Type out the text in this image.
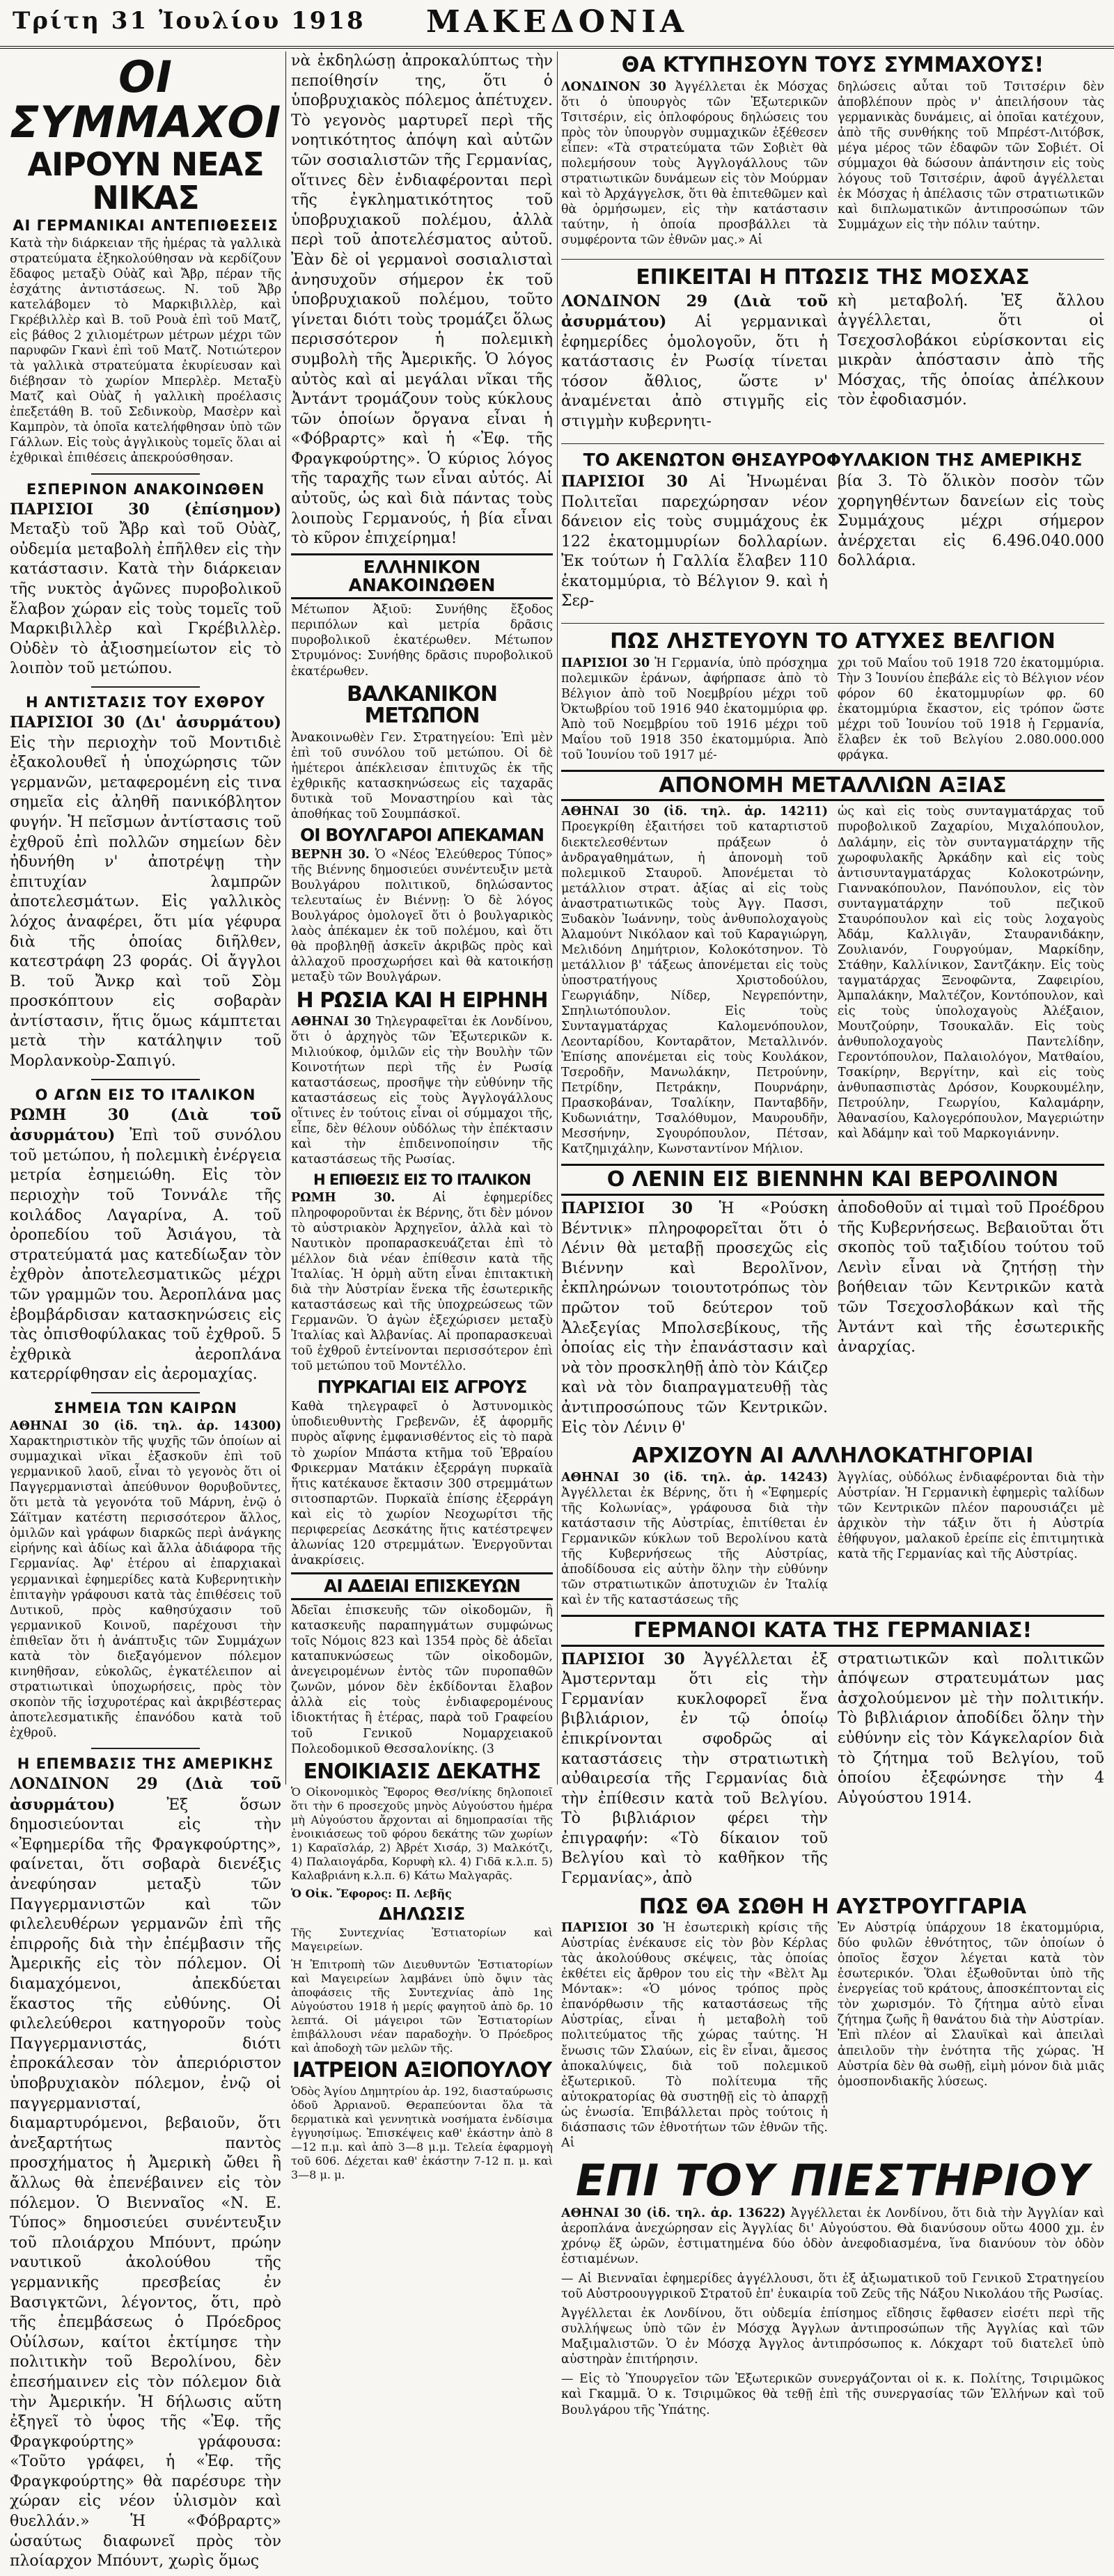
Τρίτη 31 Ἰουλίου 1918	ΜΑΚΕΔΟΝΙΑ
ΟΙ ΣΥΜΜΑΧΟΙ
ΑΙΡΟΥΝ ΝΕΑΣ ΝΙΚΑΣ
ΑΙ ΓΕΡΜΑΝΙΚΑΙ ΑΝΤΕΠΙΘΕΣΕΙΣ

Κατὰ τὴν διάρκειαν τῆς ἡμέρας τὰ γαλλικὰ στρατεύματα ἐξηκολούθησαν νὰ κερδίζουν ἔδαφος μεταξὺ Οὐὰζ καὶ Ἄβρ, πέραν τῆς ἐσχάτης ἀντιστάσεως. Ν. τοῦ Ἄβρ κατελάβομεν τὸ Μαρκιβιλλὲρ, καὶ Γκρέβιλλὲρ καὶ Β. τοῦ Ρουὰ ἐπὶ τοῦ Ματζ, εἰς βάθος 2 χιλιομέτρων μέτρων μέχρι τῶν παρυφῶν Γκανὶ ἐπὶ τοῦ Ματζ. Νοτιώτερον τὰ γαλλικὰ στρατεύματα ἐκυρίευσαν καὶ διέβησαν τὸ χωρίον Μπερλὲρ. Μεταξὺ Ματζ καὶ Οὐὰζ ἡ γαλλικὴ προέλασις ἐπεξετάθη Β. τοῦ Σεδινκοὺρ, Μασὲρν καὶ Καμπρὸν, τὰ ὁποῖα κατελήφθησαν ὑπὸ τῶν Γάλλων. Εἰς τοὺς ἀγγλικοὺς τομεῖς ὅλαι αἱ ἐχθρικαὶ ἐπιθέσεις ἀπεκρούσθησαν.

ΕΣΠΕΡΙΝΟΝ ΑΝΑΚΟΙΝΩΘΕΝ

ΠΑΡΙΣΙΟΙ 30 (ἐπίσημον) Μεταξὺ τοῦ Ἄβρ καὶ τοῦ Οὐὰζ, οὐδεμία μεταβολὴ ἐπῆλθεν εἰς τὴν κατάστασιν. Κατὰ τὴν διάρκειαν τῆς νυκτὸς ἀγῶνες πυροβολικοῦ ἔλαβον χώραν εἰς τοὺς τομεῖς τοῦ Μαρκιβιλλὲρ καὶ Γκρέβιλλὲρ. Οὐδὲν τὸ ἀξιοσημείωτον εἰς τὸ λοιπὸν τοῦ μετώπου.

Η ΑΝΤΙΣΤΑΣΙΣ ΤΟΥ ΕΧΘΡΟΥ

ΠΑΡΙΣΙΟΙ 30 (Δι' ἀσυρμάτου) Εἰς τὴν περιοχὴν τοῦ Μοντιδιὲ ἐξακολουθεῖ ἡ ὑποχώρησις τῶν γερμανῶν, μεταφερομένη εἰς τινα σημεῖα εἰς ἀληθῆ πανικόβλητον φυγήν. Ἡ πεῖσμων ἀντίστασις τοῦ ἐχθροῦ ἐπὶ πολλῶν σημείων δὲν ἠδυνήθη ν' ἀποτρέψῃ τὴν ἐπιτυχίαν λαμπρῶν ἀποτελεσμάτων. Εἰς γαλλικὸς λόχος ἀναφέρει, ὅτι μία γέφυρα διὰ τῆς ὁποίας διῆλθεν, κατεστράφη 23 φοράς. Οἱ ἄγγλοι Β. τοῦ Ἄνκρ καὶ τοῦ Σὸμ προσκόπτουν εἰς σοβαρὰν ἀντίστασιν, ἥτις ὅμως κάμπτεται μετὰ τὴν κατάληψιν τοῦ Μορλανκοὺρ-Σαπιγύ.

Ο ΑΓΩΝ ΕΙΣ ΤΟ ΙΤΑΛΙΚΟΝ

ΡΩΜΗ 30 (Διὰ τοῦ ἀσυρμάτου) Ἐπὶ τοῦ συνόλου τοῦ μετώπου, ἡ πολεμικὴ ἐνέργεια μετρία ἐσημειώθη. Εἰς τὸν περιοχὴν τοῦ Τοννάλε τῆς κοιλάδος Λαγαρίνα, Α. τοῦ ὀροπεδίου τοῦ Ἀσιάγου, τὰ στρατεύματά μας κατεδίωξαν τὸν ἐχθρὸν ἀποτελεσματικῶς μέχρι τῶν γραμμῶν του. Ἀεροπλάνα μας ἐβομβάρδισαν κατασκηνώσεις εἰς τὰς ὀπισθοφύλακας τοῦ ἐχθροῦ. 5 ἐχθρικὰ ἀεροπλάνα κατερρίφθησαν εἰς ἀερομαχίας.

ΣΗΜΕΙΑ ΤΩΝ ΚΑΙΡΩΝ

ΑΘΗΝΑΙ 30 (ἰδ. τηλ. ἀρ. 14300) Χαρακτηριστικὸν τῆς ψυχῆς τῶν ὁποίων αἱ συμμαχικαὶ νῖκαι ἐξασκοῦν ἐπὶ τοῦ γερμανικοῦ λαοῦ, εἶναι τὸ γεγονὸς ὅτι οἱ Παγγερμανισταὶ ἀπεύθυνον θορυβοῦντες, ὅτι μετὰ τὰ γεγονότα τοῦ Μάρνη, ἐνῷ ὁ Σάϊτμαν κατέστη περισσότερον ἄλλος, ὁμιλῶν καὶ γράφων διαρκῶς περὶ ἀνάγκης εἰρήνης καὶ ἀδίως καὶ ἄλλα ἀδιάφορα τῆς Γερμανίας. Ἀφ' ἑτέρου αἱ ἐπαρχιακαὶ γερμανικαὶ ἐφημερίδες κατὰ Κυβερνητικὴν ἐπιταγὴν γράφουσι κατὰ τὰς ἐπιθέσεις τοῦ Δυτικοῦ, πρὸς καθησύχασιν τοῦ γερμανικοῦ Κοινοῦ, παρέχουσι τὴν ἐπιθεῖαν ὅτι ἡ ἀνάπτυξις τῶν Συμμάχων κατὰ τὸν διεξαγόμενον πόλεμον κινηθῆσαν, εὐκολῶς, ἐγκατέλειπον αἱ στρατιωτικαὶ ὑποχωρήσεις, πρὸς τὸν σκοπὸν τῆς ἰσχυροτέρας καὶ ἀκριβέστερας ἀποτελεσματικῆς ἐπανόδου κατὰ τοῦ ἐχθροῦ.

Η ΕΠΕΜΒΑΣΙΣ ΤΗΣ ΑΜΕΡΙΚΗΣ

ΛΟΝΔΙΝΟΝ 29 (Διὰ τοῦ ἀσυρμάτου)	Ἐξ ὅσων δημοσιεύονται εἰς τὴν «Ἐφημερίδα τῆς Φραγκφούρτης», φαίνεται, ὅτι σοβαρὰ διενέξις ἀνεφύησαν μεταξὺ τῶν Παγγερμανιστῶν καὶ τῶν φιλελευθέρων γερμανῶν ἐπὶ τῆς ἐπιρροῆς διὰ τὴν ἐπέμβασιν τῆς Ἀμερικῆς εἰς τὸν πόλεμον. Οἱ διαμαχόμενοι, ἀπεκδύεται ἕκαστος τῆς εὐθύνης. Οἱ φιλελεύθεροι κατηγοροῦν τοὺς Παγγερμανιστάς, διότι ἐπροκάλεσαν τὸν ἀπεριόριστον ὑποβρυχιακὸν πόλεμον, ἐνῷ οἱ παγγερμανισταί, διαμαρτυρόμενοι, βεβαιοῦν, ὅτι ἀνεξαρτήτως παντὸς προσχήματος ἡ Ἀμερικὴ ὤθει ἢ ἄλλως θὰ ἐπενέβαινεν εἰς τὸν πόλεμον. Ὁ Βιενναῖος «Ν. Ε. Τύπος» δημοσιεύει συνέντευξιν τοῦ πλοιάρχου Μπόυντ, πρώην ναυτικοῦ ἀκολούθου τῆς γερμανικῆς πρεσβείας ἐν Βασιγκτῶνι, λέγοντος, ὅτι, πρὸ τῆς ἐπεμβάσεως ὁ Πρόεδρος Οὐίλσων, καίτοι ἐκτίμησε τὴν πολιτικὴν τοῦ Βερολίνου, δὲν ἐπεσήμαινεν εἰς τὸν πόλεμον διὰ τὴν Ἀμερικήν. Ἡ δήλωσις αὕτη ἐξηγεῖ τὸ ὑφος τῆς «Ἐφ. τῆς Φραγκφούρτης» γράφουσα: «Τοῦτο γράφει, ἡ «Ἐφ. τῆς Φραγκφούρτης» θὰ παρέσυρε τὴν χώραν εἰς νέον ὑλισμὸν καὶ θυελλάν.» Ἡ «Φόβραρτς» ὡσαύτως διαφωνεῖ πρὸς τὸν πλοίαρχον Μπόυντ, χωρὶς ὅμως

νὰ ἐκδηλώσῃ ἀπροκαλύπτως τὴν πεποίθησίν της, ὅτι ὁ ὑποβρυχιακὸς πόλεμος ἀπέτυχεν. Τὸ γεγονὸς μαρτυρεῖ περὶ τῆς νοητικότητος ἀπόψη καὶ αὐτῶν τῶν σοσιαλιστῶν τῆς Γερμανίας, οἵτινες δὲν ἐνδιαφέρονται περὶ τῆς ἐγκληματικότητος τοῦ ὑποβρυχιακοῦ πολέμου, ἀλλὰ περὶ τοῦ ἀποτελέσματος αὐτοῦ. Ἐὰν δὲ οἱ γερμανοὶ σοσιαλισταὶ ἀνησυχοῦν σήμερον ἐκ τοῦ ὑποβρυχιακοῦ πολέμου, τοῦτο γίνεται διότι τοὺς τρομάζει ὅλως περισσότερον ἡ πολεμικὴ συμβολὴ τῆς Ἀμερικῆς. Ὁ λόγος αὐτὸς καὶ αἱ μεγάλαι νῖκαι τῆς Ἀντάντ τρομάζουν τοὺς κύκλους τῶν ὁποίων ὄργανα εἶναι ἡ «Φόβραρτς» καὶ ἡ «Ἐφ. τῆς Φραγκφούρτης». Ὁ κύριος λόγος τῆς ταραχῆς των εἶναι αὐτός. Αἱ αὐτοῦς, ὡς καὶ διὰ πάντας τοὺς λοιποὺς Γερμανούς, ἡ βία εἶναι τὸ κῦρον ἐπιχείρημα!

ΕΛΛΗΝΙΚΟΝ ΑΝΑΚΟΙΝΩΘΕΝ

Μέτωπον Ἀξιοῦ: Συνήθης ἔξοδος περιπόλων καὶ μετρία δρᾶσις πυροβολικοῦ ἑκατέρωθεν. Μέτωπον Στρυμόνος: Συνήθης δρᾶσις πυροβολικοῦ ἑκατέρωθεν.

ΒΑΛΚΑΝΙΚΟΝ ΜΕΤΩΠΟΝ

Ἀνακοινωθὲν Γεν. Στρατηγείου: Ἐπὶ μὲν ἐπὶ τοῦ συνόλου τοῦ μετώπου. Οἱ δὲ ἡμέτεροι ἀπέκλεισαν ἐπιτυχῶς ἐκ τῆς ἐχθρικῆς κατασκηνώσεως εἰς ταχαρᾶς δυτικὰ τοῦ Μοναστηρίου καὶ τὰς ἀποθήκας τοῦ Σουμπάσκοϊ.

ΟΙ ΒΟΥΛΓΑΡΟΙ ΑΠΕΚΑΜΑΝ

ΒΕΡΝΗ 30. Ὁ «Νέος Ἐλεύθερος Τύπος» τῆς Βιέννης δημοσιεύει συνέντευξιν μετὰ Βουλγάρου πολιτικοῦ, δηλώσαντος τελευταίως ἐν Βιέννῃ: Ὁ δὲ λόγος Βουλγάρος ὁμολογεῖ ὅτι ὁ βουλγαρικὸς λαὸς ἀπέκαμεν ἐκ τοῦ πολέμου, καὶ ὅτι θὰ προβληθῇ ἀσκεῖν ἀκριβῶς πρὸς καὶ ἀλλαχοῦ προσχωρήσει καὶ θὰ κατοικήσῃ μεταξὺ τῶν Βουλγάρων.

Η ΡΩΣΙΑ ΚΑΙ Η ΕΙΡΗΝΗ

ΑΘΗΝΑΙ 30 Τηλεγραφεῖται ἐκ Λονδίνου, ὅτι ὁ ἀρχηγὸς τῶν Ἐξωτερικῶν κ. Μιλιούκοφ, ὁμιλῶν εἰς τὴν Βουλὴν τῶν Κοινοτήτων περὶ τῆς ἐν Ρωσίᾳ καταστάσεως, προσῆψε τὴν εὐθύνην τῆς καταστάσεως εἰς τοὺς Ἀγγλογάλλους οἵτινες ἐν τούτοις εἶναι οἱ σύμμαχοι τῆς, εἶπε, δὲν θέλουν οὐδόλως τὴν ἐπέκτασιν καὶ τὴν ἐπιδεινοποίησιν τῆς καταστάσεως τῆς Ρωσίας.

Η ΕΠΙΘΕΣΙΣ ΕΙΣ ΤΟ ΙΤΑΛΙΚΟΝ

ΡΩΜΗ 30.	Αἱ ἐφημερίδες πληροφοροῦνται ἐκ Βέρνης, ὅτι δὲν μόνον τὸ αὐστριακὸν Ἀρχηγεῖον, ἀλλὰ καὶ τὸ Ναυτικὸν προπαρασκευάζεται ἐπὶ τὸ μέλλον διὰ νέαν ἐπίθεσιν κατὰ τῆς Ἰταλίας. Ἡ ὁρμὴ αὕτη εἶναι ἐπιτακτικὴ διὰ τὴν Ἀὐστρίαν ἕνεκα τῆς ἐσωτερικῆς καταστάσεως καὶ τῆς ὑποχρεώσεως τῶν Γερμανῶν. Ὁ ἀγὼν ἐξεχώρισεν μεταξὺ Ἰταλίας καὶ Ἀλβανίας. Αἱ προπαρασκευαὶ τοῦ ἐχθροῦ ἐντείνονται περισσότερον ἐπὶ τοῦ μετώπου τοῦ Μοντέλλο.

ΠΥΡΚΑΓΙΑΙ ΕΙΣ ΑΓΡΟΥΣ

Καθὰ τηλεγραφεῖ ὁ Ἀστυνομικὸς ὑποδιευθυντὴς Γρεβενῶν, ἐξ ἀφορμῆς πυρὸς αἴφνης ἐμφανισθέντος εἰς τὸ παρὰ τὸ χωρίον Μπάστα κτῆμα τοῦ Ἐβραίου Φρικερμαν Ματάκιν ἐξερράγη πυρκαϊὰ ἥτις κατέκαυσε ἔκτασιν 300 στρεμμάτων σιτοσπαρτῶν. Πυρκαϊὰ ἐπίσης ἐξερράγη καὶ εἰς τὸ χωρίον Νεοχωρίτσι τῆς περιφερείας Δεσκάτης ἥτις κατέστρεψεν ἀλωνίας 120 στρεμμάτων. Ἐνεργοῦνται ἀνακρίσεις.

ΑΙ ΑΔΕΙΑΙ ΕΠΙΣΚΕΥΩΝ

Ἀδεῖαι ἐπισκευῆς τῶν οἰκοδομῶν, ἢ κατασκευῆς παραπηγμάτων συμφώνως τοῖς Νόμοις 823 καὶ 1354 πρὸς δὲ ἀδεῖαι καταπυκνώσεως τῶν οἰκοδομῶν, ἀνεγειρομένων ἐντὸς τῶν πυροπαθῶν ζωνῶν, μόνον δὲν ἐκδίδονται ἔλαβον ἀλλὰ εἰς τοὺς ἐνδιαφερομένους ἰδιοκτήτας ἢ ἑτέρας, παρὰ τοῦ Γραφείου τοῦ Γενικοῦ Νομαρχειακοῦ Πολεοδομικοῦ Θεσσαλονίκης. (3

ΕΝΟΙΚΙΑΣΙΣ ΔΕΚΑΤΗΣ

Ὁ Οἰκονομικὸς Ἔφορος Θεσ/νίκης δηλοποιεῖ ὅτι τὴν 6 προσεχοῦς μηνὸς Αὐγούστου ἡμέρα μὴ Αὐγούστου ἄρχονται αἱ δημοπρασίαι τῆς ἐνοικιάσεως τοῦ φόρου δεκάτης τῶν χωρίων 1) Καραϊσλάρ, 2) Ἀβρέτ Χισάρ, 3) Μαλκότζι, 4) Παλαιογάρδα, Κορυφὴ κλ. 4) Γιδᾶ κ.λ.π. 5) Καλαβριάνη κ.λ.π. 6) Κάτω Μαλγαρᾶς.

Ὁ Οἰκ. Ἔφορος: Π. Λεβῆς

ΔΗΛΩΣΙΣ

Τῆς Συντεχνίας Ἑστιατορίων καὶ Μαγειρείων.

Ἡ Ἐπιτροπὴ τῶν Διευθυντῶν Ἑστιατορίων καὶ Μαγειρείων λαμβάνει ὑπὸ ὄψιν τὰς ἀποφάσεις τῆς Συντεχνίας ἀπὸ 1ης Αὐγούστου 1918 ἡ μερίς φαγητοῦ ἀπὸ δρ. 10 λεπτά. Οἱ μάγειροι τῶν Ἑστιατορίων ἐπιβάλλουσι νέαν παραδοχὴν. Ὁ Πρόεδρος καὶ ἀποδοχὴ τῶν μελῶν τῆς.

ΙΑΤΡΕΙΟΝ ΑΞΙΟΠΟΥΛΟΥ

Ὁδὸς Ἁγίου Δημητρίου ἀρ. 192, διασταύρωσις ὁδοῦ Ἀρριανοῦ. Θεραπεύονται ὅλα τὰ δερματικὰ καὶ γεννητικὰ νοσήματα ἐνδίσιμα ἐγγυησίμως. Ἐπισκέψεις καθ' ἑκάστην ἀπὸ 8—12 π.μ. καὶ ἀπὸ 3—8 μ.μ. Τελεία ἐφαρμογὴ τοῦ 606. Δέχεται καθ' ἑκάστην 7-12 π. μ. καὶ 3—8 μ. μ.

ΘΑ ΚΤΥΠΗΣΟΥΝ ΤΟΥΣ ΣΥΜΜΑΧΟΥΣ!

ΛΟΝΔΙΝΟΝ 30 Ἀγγέλλεται ἐκ Μόσχας ὅτι ὁ ὑπουργὸς τῶν Ἐξωτερικῶν Τσιτσέριν, εἰς ὁπλοφόρους δηλώσεις του πρὸς τὸν ὑπουργὸν συμμαχικῶν ἐξέθεσεν εἶπεν: «Τὰ στρατεύματα τῶν Σοβιὲτ θὰ πολεμήσουν τοὺς Ἀγγλογάλλους τῶν στρατιωτικῶν δυνάμεων εἰς τὸν Μούρμαν καὶ τὸ Ἀρχάγγελσκ, ὅτι θὰ ἐπιτεθῶμεν καὶ θὰ ὁρμήσωμεν, εἰς τὴν κατάστασιν ταύτην, ἡ ὁποία προσβάλλει τὰ συμφέροντα τῶν ἐθνῶν μας.» Αἱ

δηλώσεις αὗται τοῦ Τσιτσέριν δὲν ἀποβλέπουν πρὸς ν' ἀπειλήσουν τὰς γερμανικὰς δυνάμεις, αἱ ὁποῖαι κατέχουν, ἀπὸ τῆς συνθήκης τοῦ Μπρέστ-Λιτόβσκ, μέγα μέρος τῶν ἐδαφῶν τῶν Σοβιέτ. Οἱ σύμμαχοι θὰ δώσουν ἀπάντησιν εἰς τοὺς λόγους τοῦ Τσιτσέριν, ἀφοῦ ἀγγέλλεται ἐκ Μόσχας ἡ ἀπέλασις τῶν στρατιωτικῶν καὶ διπλωματικῶν ἀντιπροσώπων τῶν Συμμάχων εἰς τὴν πόλιν ταύτην.

ΕΠΙΚΕΙΤΑΙ Η ΠΤΩΣΙΣ ΤΗΣ ΜΟΣΧΑΣ

ΛΟΝΔΙΝΟΝ 29 (Διὰ τοῦ ἀσυρμάτου) Αἱ γερμανικαὶ ἐφημερίδες ὁμολογοῦν, ὅτι ἡ κατάστασις ἐν Ρωσίᾳ τίνεται τόσον ἄθλιος, ὥστε ν' ἀναμένεται ἀπὸ στιγμῆς εἰς στιγμὴν κυβερνητι-

κὴ μεταβολή. Ἐξ ἄλλου ἀγγέλλεται, ὅτι οἱ Τσεχοσλοβάκοι εὑρίσκονται εἰς μικρὰν ἀπόστασιν ἀπὸ τῆς Μόσχας, τῆς ὁποίας ἀπέλκουν τὸν ἐφοδιασμόν.

ΤΟ ΑΚΕΝΩΤΟΝ ΘΗΣΑΥΡΟΦΥΛΑΚΙΟΝ ΤΗΣ ΑΜΕΡΙΚΗΣ

ΠΑΡΙΣΙΟΙ 30 Αἱ Ἡνωμέναι Πολιτεῖαι παρεχώρησαν νέον δάνειον εἰς τοὺς συμμάχους ἐκ 122 ἑκατομμυρίων δολλαρίων. Ἐκ τούτων ἡ Γαλλία ἔλαβεν 110 ἑκατομμύρια, τὸ Βέλγιον 9. καὶ ἡ Σερ-

βία 3. Τὸ ὅλικὸν ποσὸν τῶν χορηγηθέντων δανείων εἰς τοὺς Συμμάχους μέχρι σήμερον ἀνέρχεται εἰς 6.496.040.000 δολλάρια.

ΠΩΣ ΛΗΣΤΕΥΟΥΝ ΤΟ ΑΤΥΧΕΣ ΒΕΛΓΙΟΝ

ΠΑΡΙΣΙΟΙ 30 Ἡ Γερμανία, ὑπὸ πρόσχημα πολεμικῶν ἐράνων, ἀφήρπασε ἀπὸ τὸ Βέλγιον ἀπὸ τοῦ Νοεμβρίου μέχρι τοῦ Ὀκτωβρίου τοῦ 1916 940 ἑκατομμύρια φρ. Ἀπὸ τοῦ Νοεμβρίου τοῦ 1916 μέχρι τοῦ Μαΐου τοῦ 1918 350 ἑκατομμύρια. Ἀπὸ τοῦ Ἰουνίου τοῦ 1917 μέ-

χρι τοῦ Μαΐου τοῦ 1918 720 ἑκατομμύρια. Τὴν 3 Ἰουνίου ἐπεβάλε εἰς τὸ Βέλγιον νέον φόρον 60 ἑκατομμυρίων φρ. 60 ἑκατομμύρια ἔκαστον, εἰς τρόπον ὥστε μέχρι τοῦ Ἰουνίου τοῦ 1918 ἡ Γερμανία, ἔλαβεν ἐκ τοῦ Βελγίου 2.080.000.000 φράγκα.

ΑΠΟΝΟΜΗ ΜΕΤΑΛΛΙΩΝ ΑΞΙΑΣ

ΑΘΗΝΑΙ 30 (ἰδ. τηλ. ἀρ. 14211) Προεγκρίθη ἐξαιτήσει τοῦ καταρτιστοῦ διεκτελεσθέντων πράξεων ὁ ἀνδραγαθημάτων, ἡ ἀπονομὴ τοῦ πολεμικοῦ Σταυροῦ. Ἀπονέμεται τὸ μετάλλιον στρατ. ἀξίας αἱ εἰς τοὺς ἀναστρατιωτικῶς τοὺς Ἀγγ. Πασσι, Ξυδακὸν Ἰωάννην, τοὺς ἀνθυπολοχαγοὺς Ἀλαμούντ Νικόλαον καὶ τοῦ Καραγιώργη, Μελιδόνη Δημήτριον, Κολοκότσηνον. Τὸ μετάλλιον β' τάξεως ἀπονέμεται εἰς τοὺς ὑποστρατήγους Χριστοδούλου, Γεωργιάδην, Νίδερ, Νεγρεπόντην, Σπηλιωτόπουλον. Εἰς τοὺς Συνταγματάρχας Καλομενόπουλον, Λεονταρίδου, Κονταρᾶτον, Μεταλλινόν. Ἐπίσης απονέμεται εἰς τοὺς Κουλάκον, Τσεροδῆν, Μανωλάκην, Πετρούνην, Πετρίδην, Πετράκην, Πουρνάρην, Πρασκοβάναν, Τσαλίκην, Πανταβδῆν, Κυδωνιάτην, Τσαλόθυμον, Μαυρουδῆν, Μεσσήνην, Σγουρόπουλον, Πέτσαν, Κατζημιχάλην, Κωνσταντίνον Μήλιον.

ὡς καὶ εἰς τοὺς συνταγματάρχας τοῦ πυροβολικοῦ Ζαχαρίου, Μιχαλόπουλον, Δαλάμην, εἰς τὸν συνταγματάρχην τῆς χωροφυλακῆς Ἀρκάδην καὶ εἰς τοὺς ἀντισυνταγματάρχας Κολοκοτρώνην, Γιαννακόπουλον, Πανόπουλον, εἰς τὸν συνταγματάρχην τοῦ πεζικοῦ Σταυρόπουλον καὶ εἰς τοὺς λοχαγοὺς Ἀδάμ, Καλλιγᾶν, Σταυρανιδάκην, Ζουλιανόν, Γουργούμαν, Μαρκίδην, Στάθην, Καλλίνικον, Σαντζάκην. Εἰς τοὺς ταγματάρχας Ξενοφῶντα, Ζαφειρίου, Ἀμπαλάκην, Μαλτέζον, Κοντόπουλον, καὶ εἰς τοὺς ὑπολοχαγοὺς Ἀλέξαιον, Μουτζούρην, Τσουκαλᾶν. Εἰς τοὺς ἀνθυπολοχαγοὺς Παντελίδην, Γεροντόπουλον, Παλαιολόγον, Ματθαίου, Τσακίρην, Βεργίτην, καὶ εἰς τοὺς ἀνθυπασπιστὰς Δρόσον, Κουρκουμέλην, Πετρούλην, Γεωργίου, Καλαμάρην, Ἀθανασίου, Καλογερόπουλον, Μαγεριώτην καὶ Ἀδάμην καὶ τοῦ Μαρκογιάννην.

Ο ΛΕΝΙΝ ΕΙΣ ΒΙΕΝΝΗΝ ΚΑΙ ΒΕΡΟΛΙΝΟΝ

ΠΑΡΙΣΙΟΙ 30 Ἡ «Ρούσκη Βέντνικ» πληροφορεῖται ὅτι ὁ Λένιν θὰ μεταβῇ προσεχῶς εἰς Βιέννην καὶ Βερολῖνον, ἐκπληρώνων τοιουτοτρόπως τὸν πρῶτον τοῦ δεύτερον τοῦ Ἀλεξεγίας Μπολσεβίκους, τῆς ὁποίας εἰς τὴν ἐπανάστασιν καὶ νὰ τὸν προσκληθῇ ἀπὸ τὸν Κάιζερ καὶ νὰ τὸν διαπραγματευθῇ τὰς ἀντιπροσώπους τῶν Κεντρικῶν. Εἰς τὸν Λένιν θ'

ἀποδοθοῦν αἱ τιμαὶ τοῦ Προέδρου τῆς Κυβερνήσεως. Βεβαιοῦται ὅτι σκοπὸς τοῦ ταξιδίου τούτου τοῦ Λενὶν εἶναι νὰ ζητήσῃ τὴν βοήθειαν τῶν Κεντρικῶν κατὰ τῶν Τσεχοσλοβάκων καὶ τῆς Ἀντάντ καὶ τῆς ἐσωτερικῆς ἀναρχίας.

ΑΡΧΙΖΟΥΝ ΑΙ ΑΛΛΗΛΟΚΑΤΗΓΟΡΙΑΙ

ΑΘΗΝΑΙ 30 (ἰδ. τηλ. ἀρ. 14243) Ἀγγέλλεται ἐκ Βέρνης, ὅτι ἡ «Ἐφημερίς τῆς Κολωνίας», γράφουσα διὰ τὴν κατάστασιν τῆς Αὐστρίας, ἐπιτίθεται ἐν Γερμανικῶν κύκλων τοῦ Βερολίνου κατὰ τῆς Κυβερνήσεως τῆς Αὐστρίας, ἀποδίδουσα εἰς αὐτὴν ὅλην τὴν εὐθύνην τῶν στρατιωτικῶν ἀποτυχιῶν ἐν Ἰταλίᾳ καὶ ἐν τῆς καταστάσεως τῆς

Ἀγγλίας, οὐδόλως ἐνδιαφέρονται διὰ τὴν Αὐστρίαν. Ἡ Γερμανικὴ ἐφημερὶς ταλίδων τῶν Κεντρικῶν πλέον παρουσιάζει μὲ ἀρχικὸν τὴν τάξιν ὅτι ἡ Αὐστρία ἐθήφυγον, μαλακοῦ ἐρείπε εἰς ἐπιτιμητικὰ κατὰ τῆς Γερμανίας καὶ τῆς Αὐστρίας.

ΓΕΡΜΑΝΟΙ ΚΑΤΑ ΤΗΣ ΓΕΡΜΑΝΙΑΣ!

ΠΑΡΙΣΙΟΙ 30 Ἀγγέλλεται ἐξ Ἀμστερνταμ ὅτι εἰς τὴν Γερμανίαν κυκλοφορεῖ ἕνα βιβλιάριον, ἐν τῷ ὁποίῳ ἐπικρίνονται σφοδρῶς αἱ καταστάσεις τὴν στρατιωτικὴ αὐθαιρεσία τῆς Γερμανίας διὰ τὴν ἐπίθεσιν κατὰ τοῦ Βελγίου. Τὸ βιβλιάριον φέρει τὴν ἐπιγραφήν: «Τὸ δίκαιον τοῦ Βελγίου καὶ τὸ καθῆκον τῆς Γερμανίας», ἀπὸ

στρατιωτικῶν καὶ πολιτικῶν ἀπόψεων στρατευμάτων μας ἀσχολούμενον μὲ τὴν πολιτικήν. Τὸ βιβλιάριον ἀποδίδει ὅλην τὴν εὐθύνην εἰς τὸν Κάγκελαρίον διὰ τὸ ζήτημα τοῦ Βελγίου, τοῦ ὁποίου ἐξεφώνησε τὴν 4 Αὐγούστου 1914.

ΠΩΣ ΘΑ ΣΩΘΗ Η ΑΥΣΤΡΟΥΓΓΑΡΙΑ

ΠΑΡΙΣΙΟΙ 30 Ἡ ἐσωτερικὴ κρίσις τῆς Αὐστρίας ἐνέκαυσε εἰς τὸν βὸν Κέρλας τὰς ἀκολούθους σκέψεις, τὰς ὁποίας ἐκθέτει εἰς ἄρθρον του εἰς τὴν «Βὲλτ Ἀμ Μόντακ»: «Ὁ μόνος τρόπος πρὸς ἐπανόρθωσιν τῆς καταστάσεως τῆς Αὐστρίας, εἶναι ἡ μεταβολὴ τοῦ πολιτεύματος τῆς χώρας ταύτης. Ἡ ἔνωσις τῶν Σλαύων, εἰς ἓν εἶναι, ἄμεσος ἀποκαλύψεις, διὰ τοῦ πολεμικοῦ ἐξωτερικοῦ. Τὸ πολίτευμα τῆς αὐτοκρατορίας θὰ συστηθῇ εἰς τὸ ἀπαρχῇ ὡς ἑνωσία. Ἐπιβάλλεται πρὸς τούτοις ἡ διάσπασις τῶν ἐθνοτήτων τῶν ἐθνῶν τῆς. Αἱ

Ἐν Αὐστρίᾳ ὑπάρχουν 18 ἑκατομμύρια, δύο φυλῶν ἐθνότητος, τῶν ὁποίων ὁ ὁποῖος ἔσχον λέγεται κατὰ τὸν ἐσωτερικόν. Ὅλαι ἐξωθοῦνται ὑπὸ τῆς ἐνεργείας τοῦ κράτους, ἀποσκέπτονται εἰς τὸν χωρισμόν. Τὸ ζήτημα αὐτὸ εἶναι ζήτημα ζωῆς ἢ θανάτου διὰ τὴν Αὐστρίαν. Ἐπὶ πλέον αἱ Σλαυϊκαὶ καὶ ἀπειλαὶ ἀπειλοῦν τὴν ἑνότητα τῆς χώρας. Ἡ Αὐστρία δὲν θὰ σωθῇ, εἰμὴ μόνον διὰ μιᾶς ὁμοσπονδιακῆς λύσεως.

ΕΠΙ ΤΟΥ ΠΙΕΣΤΗΡΙΟΥ

ΑΘΗΝΑΙ 30 (ἰδ. τηλ. ἀρ. 13622) Ἀγγέλλεται ἐκ Λονδίνου, ὅτι διὰ τὴν Ἀγγλίαν καὶ ἀεροπλάνα ἀνεχώρησαν εἰς Ἀγγλίας δι' Αὐγούστου. Θὰ διανύσουν οὕτω 4000 χμ. ἐν χρόνῳ ἕξ ὡρῶν, ἐστιματημένα δύο ὁδὸν ἀνεφοδιασμένα, ἵνα διανύουν τὸν ὁδὸν ἐστιαμένων.

— Αἱ Βιενναῖαι ἐφημερίδες ἀγγέλλουσι, ὅτι ἐξ ἀξιωματικοῦ τοῦ Γενικοῦ Στρατηγείου τοῦ Αὐστροουγγρικοῦ Στρατοῦ ἐπ' ἐυκαιρία τοῦ Ζεῦς τῆς Νάξου Νικολάου τῆς Ρωσίας.

Ἀγγέλλεται ἐκ Λονδίνου, ὅτι οὐδεμία ἐπίσημος εἴδησις ἔφθασεν εἰσέτι περὶ τῆς συλλήψεως ὑπὸ τῶν ἐν Μόσχᾳ Ἀγγλων ἀντιπροσώπων τῆς Ἀγγλίας καὶ τῶν Μαξιμαλιστῶν. Ὁ ἐν Μόσχᾳ Ἀγγλος ἀντιπρόσωπος κ. Λόκχαρτ τοῦ διατελεῖ ὑπὸ αὐστηρὰν ἐπιτήρησιν.

— Εἰς τὸ Ὑπουργεῖον τῶν Ἐξωτερικῶν συνεργάζονται οἱ κ. κ. Πολίτης, Τσιριμῶκος καὶ Γκαμμᾶ. Ὁ κ. Τσιριμῶκος θὰ τεθῇ ἐπὶ τῆς συνεργασίας τῶν Ἑλλήνων καὶ τοῦ Βουλγάρου τῆς Ὑπάτης.
